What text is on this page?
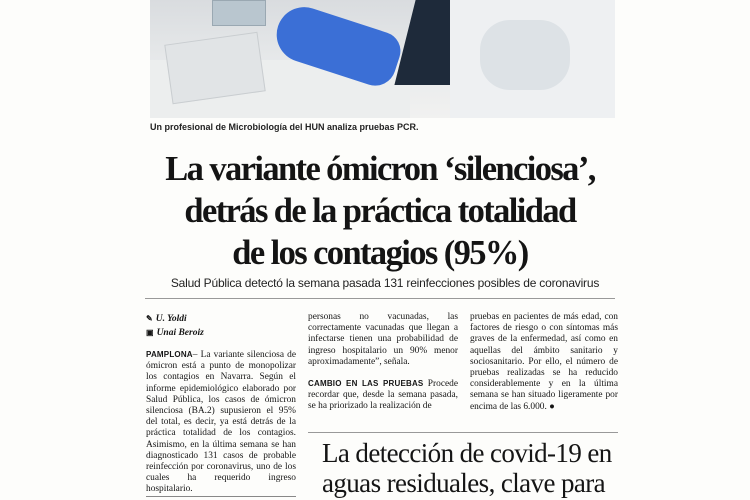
Un profesional de Microbiología del HUN analiza pruebas PCR.
La variante ómicron ‘silenciosa’,
detrás de la práctica totalidad
de los contagios (95%)
Salud Pública detectó la semana pasada 131 reinfecciones posibles de coronavirus
✎ U. Yoldi
▣ Unai Beroiz
PAMPLONA– La variante silenciosa de ómicron está a punto de monopolizar los contagios en Navarra. Según el informe epidemiológico elaborado por Salud Pública, los casos de ómicron silenciosa (BA.2) supusieron el 95% del total, es decir, ya está detrás de la práctica totalidad de los contagios. Asimismo, en la última semana se han diagnosticado 131 casos de probable reinfección por coronavirus, uno de los cuales ha requerido ingreso hospitalario.
personas no vacunadas, las correctamente vacunadas que llegan a infectarse tienen una probabilidad de ingreso hospitalario un 90% menor aproximadamente”, señala.
CAMBIO EN LAS PRUEBAS Procede recordar que, desde la semana pasada, se ha priorizado la realización de
pruebas en pacientes de más edad, con factores de riesgo o con síntomas más graves de la enfermedad, así como en aquellas del ámbito sanitario y sociosanitario. Por ello, el número de pruebas realizadas se ha reducido considerablemente y en la última semana se han situado ligeramente por encima de las 6.000. ●
La detección de covid-19 en
aguas residuales, clave para
